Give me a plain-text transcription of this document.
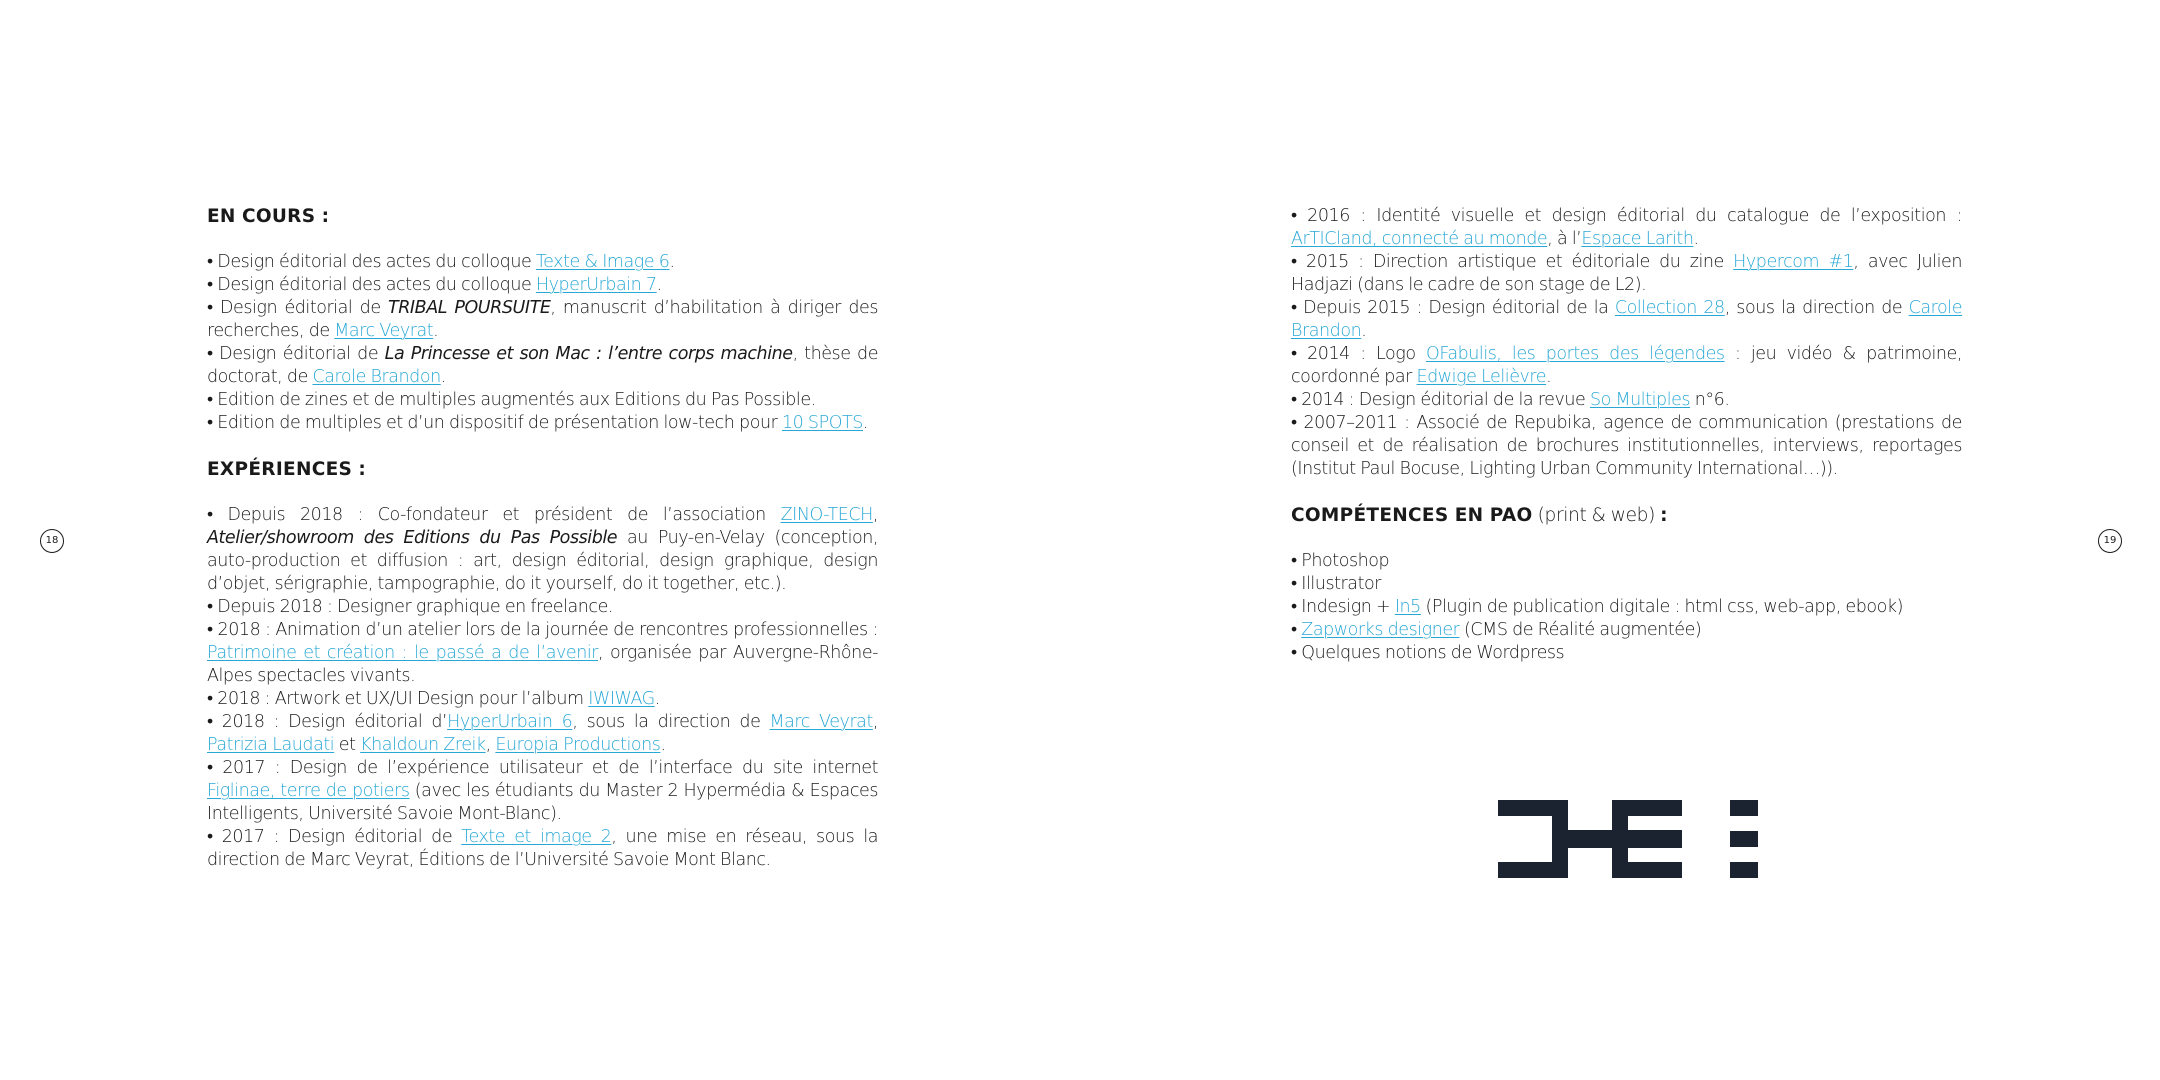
18	19

EN COURS :

• Design éditorial des actes du colloque Texte & Image 6.

• Design éditorial des actes du colloque HyperUrbain 7.

• Design éditorial de TRIBAL POURSUITE, manuscrit d’habilitation à diriger des recherches, de Marc Veyrat.

• Design éditorial de La Princesse et son Mac : l’entre corps machine, thèse de doctorat, de Carole Brandon.

• Edition de zines et de multiples augmentés aux Editions du Pas Possible.

• Edition de multiples et d’un dispositif de présentation low-tech pour 10 SPOTS.

EXPÉRIENCES :

• Depuis 2018 : Co-fondateur et président de l’association ZINO-TECH, Atelier/showroom des Editions du Pas Possible au Puy-en-Velay (conception, auto-production et diffusion : art, design éditorial, design graphique, design d’objet, sérigraphie, tampographie, do it yourself, do it together, etc.).

• Depuis 2018 : Designer graphique en freelance.

• 2018 : Animation d’un atelier lors de la journée de rencontres professionnelles : Patrimoine et création : le passé a de l’avenir, organisée par Auvergne-Rhône-Alpes spectacles vivants.

• 2018 : Artwork et UX/UI Design pour l’album IWIWAG.

• 2018 : Design éditorial d’HyperUrbain 6, sous la direction de Marc Veyrat, Patrizia Laudati et Khaldoun Zreik, Europia Productions.

• 2017 : Design de l’expérience utilisateur et de l’interface du site internet Figlinae, terre de potiers (avec les étudiants du Master 2 Hypermédia & Espaces Intelligents, Université Savoie Mont-Blanc).

• 2017 : Design éditorial de Texte et image 2, une mise en réseau, sous la direction de Marc Veyrat, Éditions de l’Université Savoie Mont Blanc.

• 2016 : Identité visuelle et design éditorial du catalogue de l’exposition : ArTICland, connecté au monde, à l’Espace Larith.

• 2015 : Direction artistique et éditoriale du zine Hypercom #1, avec Julien Hadjazi (dans le cadre de son stage de L2).

• Depuis 2015 : Design éditorial de la Collection 28, sous la direction de Carole Brandon.

• 2014 : Logo OFabulis, les portes des légendes : jeu vidéo & patrimoine, coordonné par Edwige Lelièvre.

• 2014 : Design éditorial de la revue So Multiples n°6.

• 2007–2011 : Associé de Repubika, agence de communication (prestations de conseil et de réalisation de brochures institutionnelles, interviews, reportages (Institut Paul Bocuse, Lighting Urban Community International…)).

COMPÉTENCES EN PAO (print & web) :

• Photoshop

• Illustrator

• Indesign + In5 (Plugin de publication digitale : html css, web-app, ebook)

• Zapworks designer (CMS de Réalité augmentée)

• Quelques notions de Wordpress
